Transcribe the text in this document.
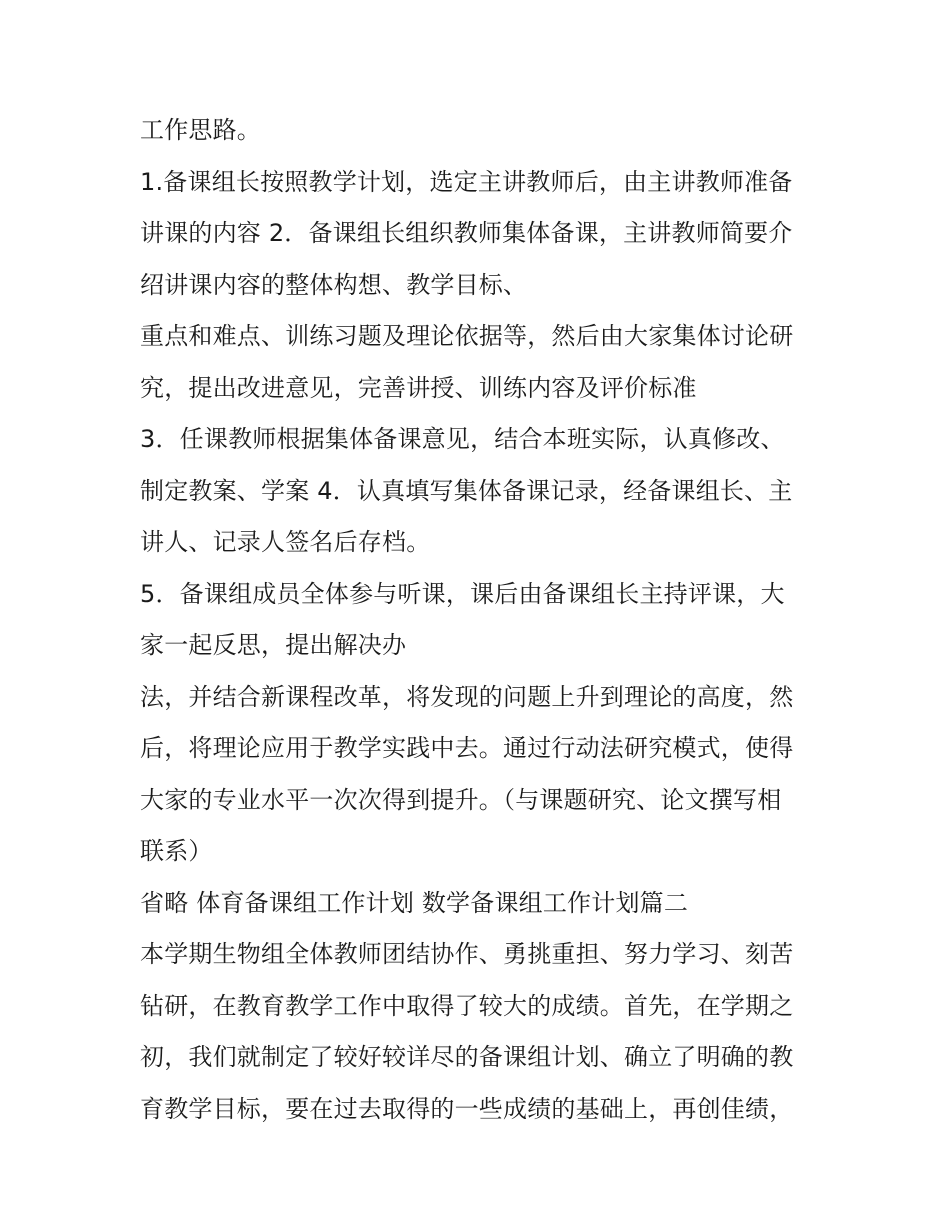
工作思路。
1.备课组长按照教学计划，选定主讲教师后，由主讲教师准备
讲课的内容 2．备课组长组织教师集体备课，主讲教师简要介
绍讲课内容的整体构想、教学目标、
重点和难点、训练习题及理论依据等，然后由大家集体讨论研
究，提出改进意见，完善讲授、训练内容及评价标准
3．任课教师根据集体备课意见，结合本班实际，认真修改、
制定教案、学案 4．认真填写集体备课记录，经备课组长、主
讲人、记录人签名后存档。
5．备课组成员全体参与听课，课后由备课组长主持评课，大
家一起反思，提出解决办
法，并结合新课程改革，将发现的问题上升到理论的高度，然
后，将理论应用于教学实践中去。通过行动法研究模式，使得
大家的专业水平一次次得到提升。（与课题研究、论文撰写相
联系）
省略 体育备课组工作计划 数学备课组工作计划篇二
本学期生物组全体教师团结协作、勇挑重担、努力学习、刻苦
钻研，在教育教学工作中取得了较大的成绩。首先，在学期之
初，我们就制定了较好较详尽的备课组计划、确立了明确的教
育教学目标，要在过去取得的一些成绩的基础上，再创佳绩，
